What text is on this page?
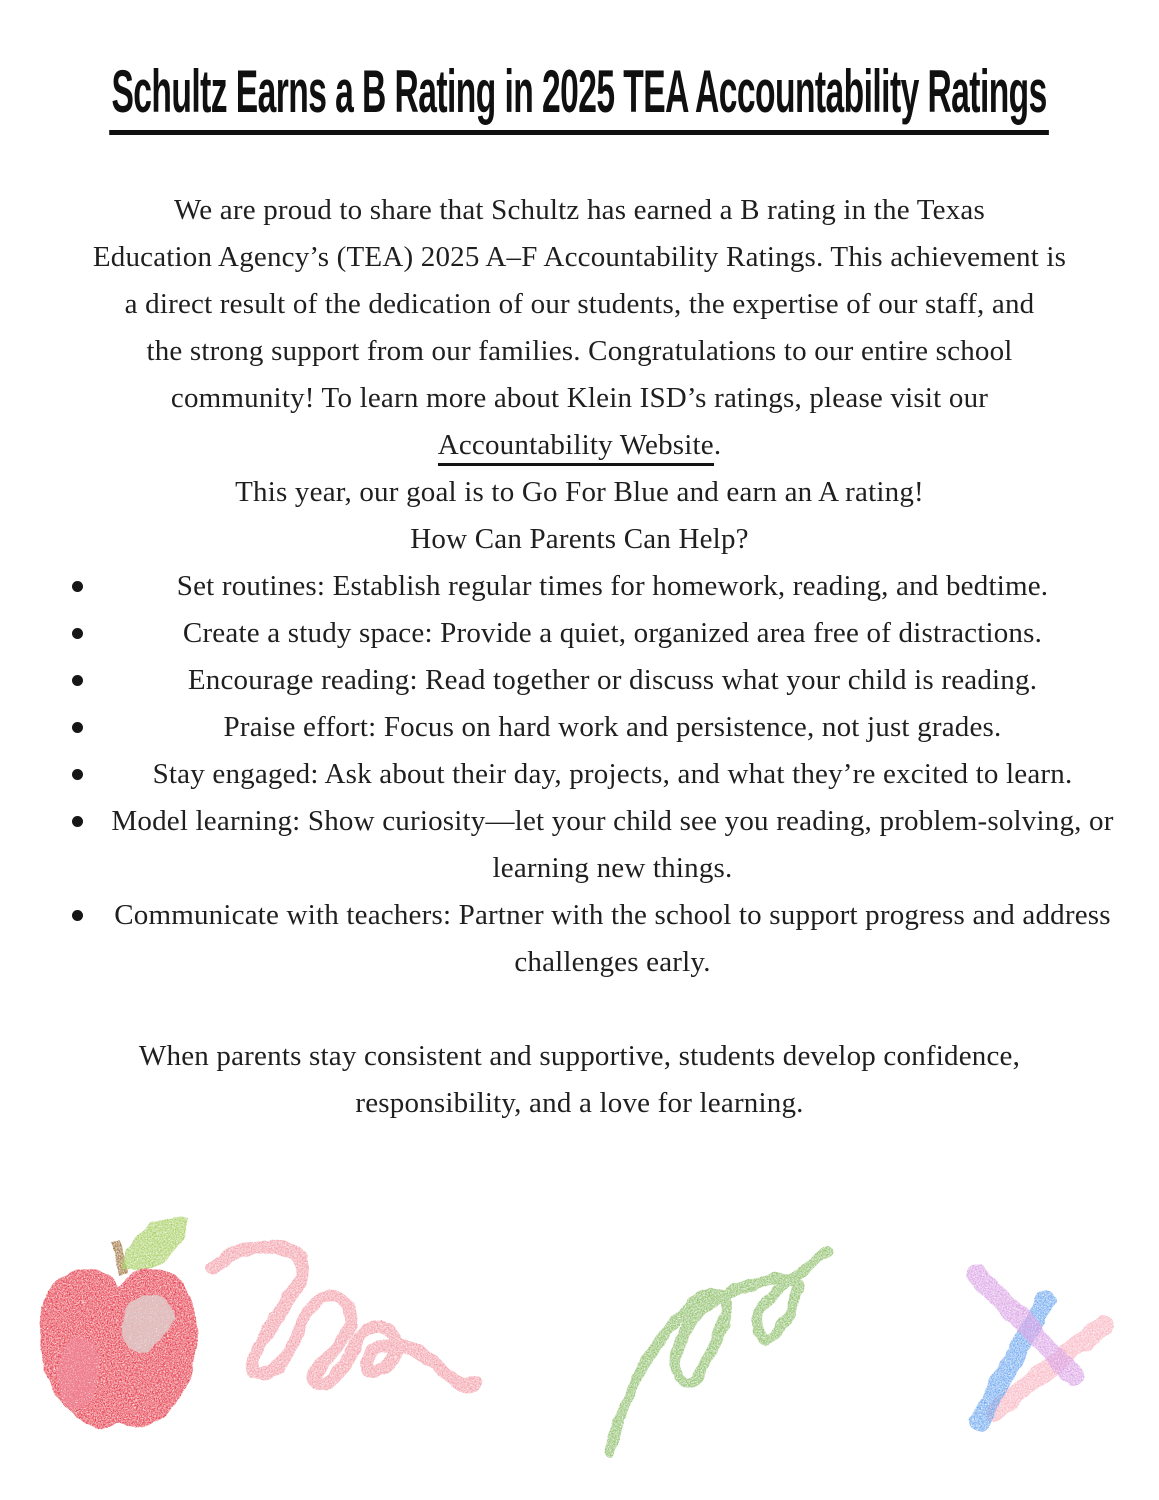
Schultz Earns a B Rating in 2025 TEA Accountability Ratings
We are proud to share that Schultz has earned a B rating in the Texas
Education Agency’s (TEA) 2025 A–F Accountability Ratings. This achievement is
a direct result of the dedication of our students, the expertise of our staff, and
the strong support from our families. Congratulations to our entire school
community! To learn more about Klein ISD’s ratings, please visit our
Accountability Website.
This year, our goal is to Go For Blue and earn an A rating!
How Can Parents Can Help?
Set routines: Establish regular times for homework, reading, and bedtime.
Create a study space: Provide a quiet, organized area free of distractions.
Encourage reading: Read together or discuss what your child is reading.
Praise effort: Focus on hard work and persistence, not just grades.
Stay engaged: Ask about their day, projects, and what they’re excited to learn.
Model learning: Show curiosity—let your child see you reading, problem-solving, or learning new things.
Communicate with teachers: Partner with the school to support progress and address challenges early.
When parents stay consistent and supportive, students develop confidence,
responsibility, and a love for learning.
